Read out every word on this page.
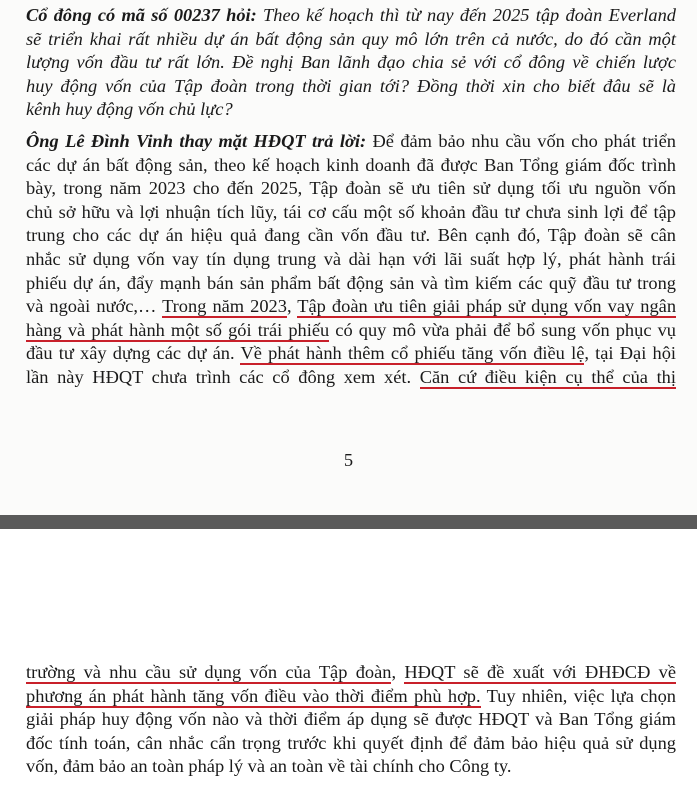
Cổ đông có mã số 00237 hỏi: Theo kế hoạch thì từ nay đến 2025 tập đoàn Everland
sẽ triển khai rất nhiều dự án bất động sản quy mô lớn trên cả nước, do đó cần một
lượng vốn đầu tư rất lớn. Đề nghị Ban lãnh đạo chia sẻ với cổ đông về chiến lược
huy động vốn của Tập đoàn trong thời gian tới? Đồng thời xin cho biết đâu sẽ là
kênh huy động vốn chủ lực?

Ông Lê Đình Vinh thay mặt HĐQT trả lời: Để đảm bảo nhu cầu vốn cho phát triển
các dự án bất động sản, theo kế hoạch kinh doanh đã được Ban Tổng giám đốc trình
bày, trong năm 2023 cho đến 2025, Tập đoàn sẽ ưu tiên sử dụng tối ưu nguồn vốn
chủ sở hữu và lợi nhuận tích lũy, tái cơ cấu một số khoản đầu tư chưa sinh lợi để tập
trung cho các dự án hiệu quả đang cần vốn đầu tư. Bên cạnh đó, Tập đoàn sẽ cân
nhắc sử dụng vốn vay tín dụng trung và dài hạn với lãi suất hợp lý, phát hành trái
phiếu dự án, đẩy mạnh bán sản phẩm bất động sản và tìm kiếm các quỹ đầu tư trong
và ngoài nước,… Trong năm 2023, Tập đoàn ưu tiên giải pháp sử dụng vốn vay ngân
hàng và phát hành một số gói trái phiếu có quy mô vừa phải để bổ sung vốn phục vụ
đầu tư xây dựng các dự án. Về phát hành thêm cổ phiếu tăng vốn điều lệ, tại Đại hội
lần này HĐQT chưa trình các cổ đông xem xét. Căn cứ điều kiện cụ thể của thị

5

trường và nhu cầu sử dụng vốn của Tập đoàn, HĐQT sẽ đề xuất với ĐHĐCĐ về
phương án phát hành tăng vốn điều vào thời điểm phù hợp. Tuy nhiên, việc lựa chọn
giải pháp huy động vốn nào và thời điểm áp dụng sẽ được HĐQT và Ban Tổng giám
đốc tính toán, cân nhắc cẩn trọng trước khi quyết định để đảm bảo hiệu quả sử dụng
vốn, đảm bảo an toàn pháp lý và an toàn về tài chính cho Công ty.
